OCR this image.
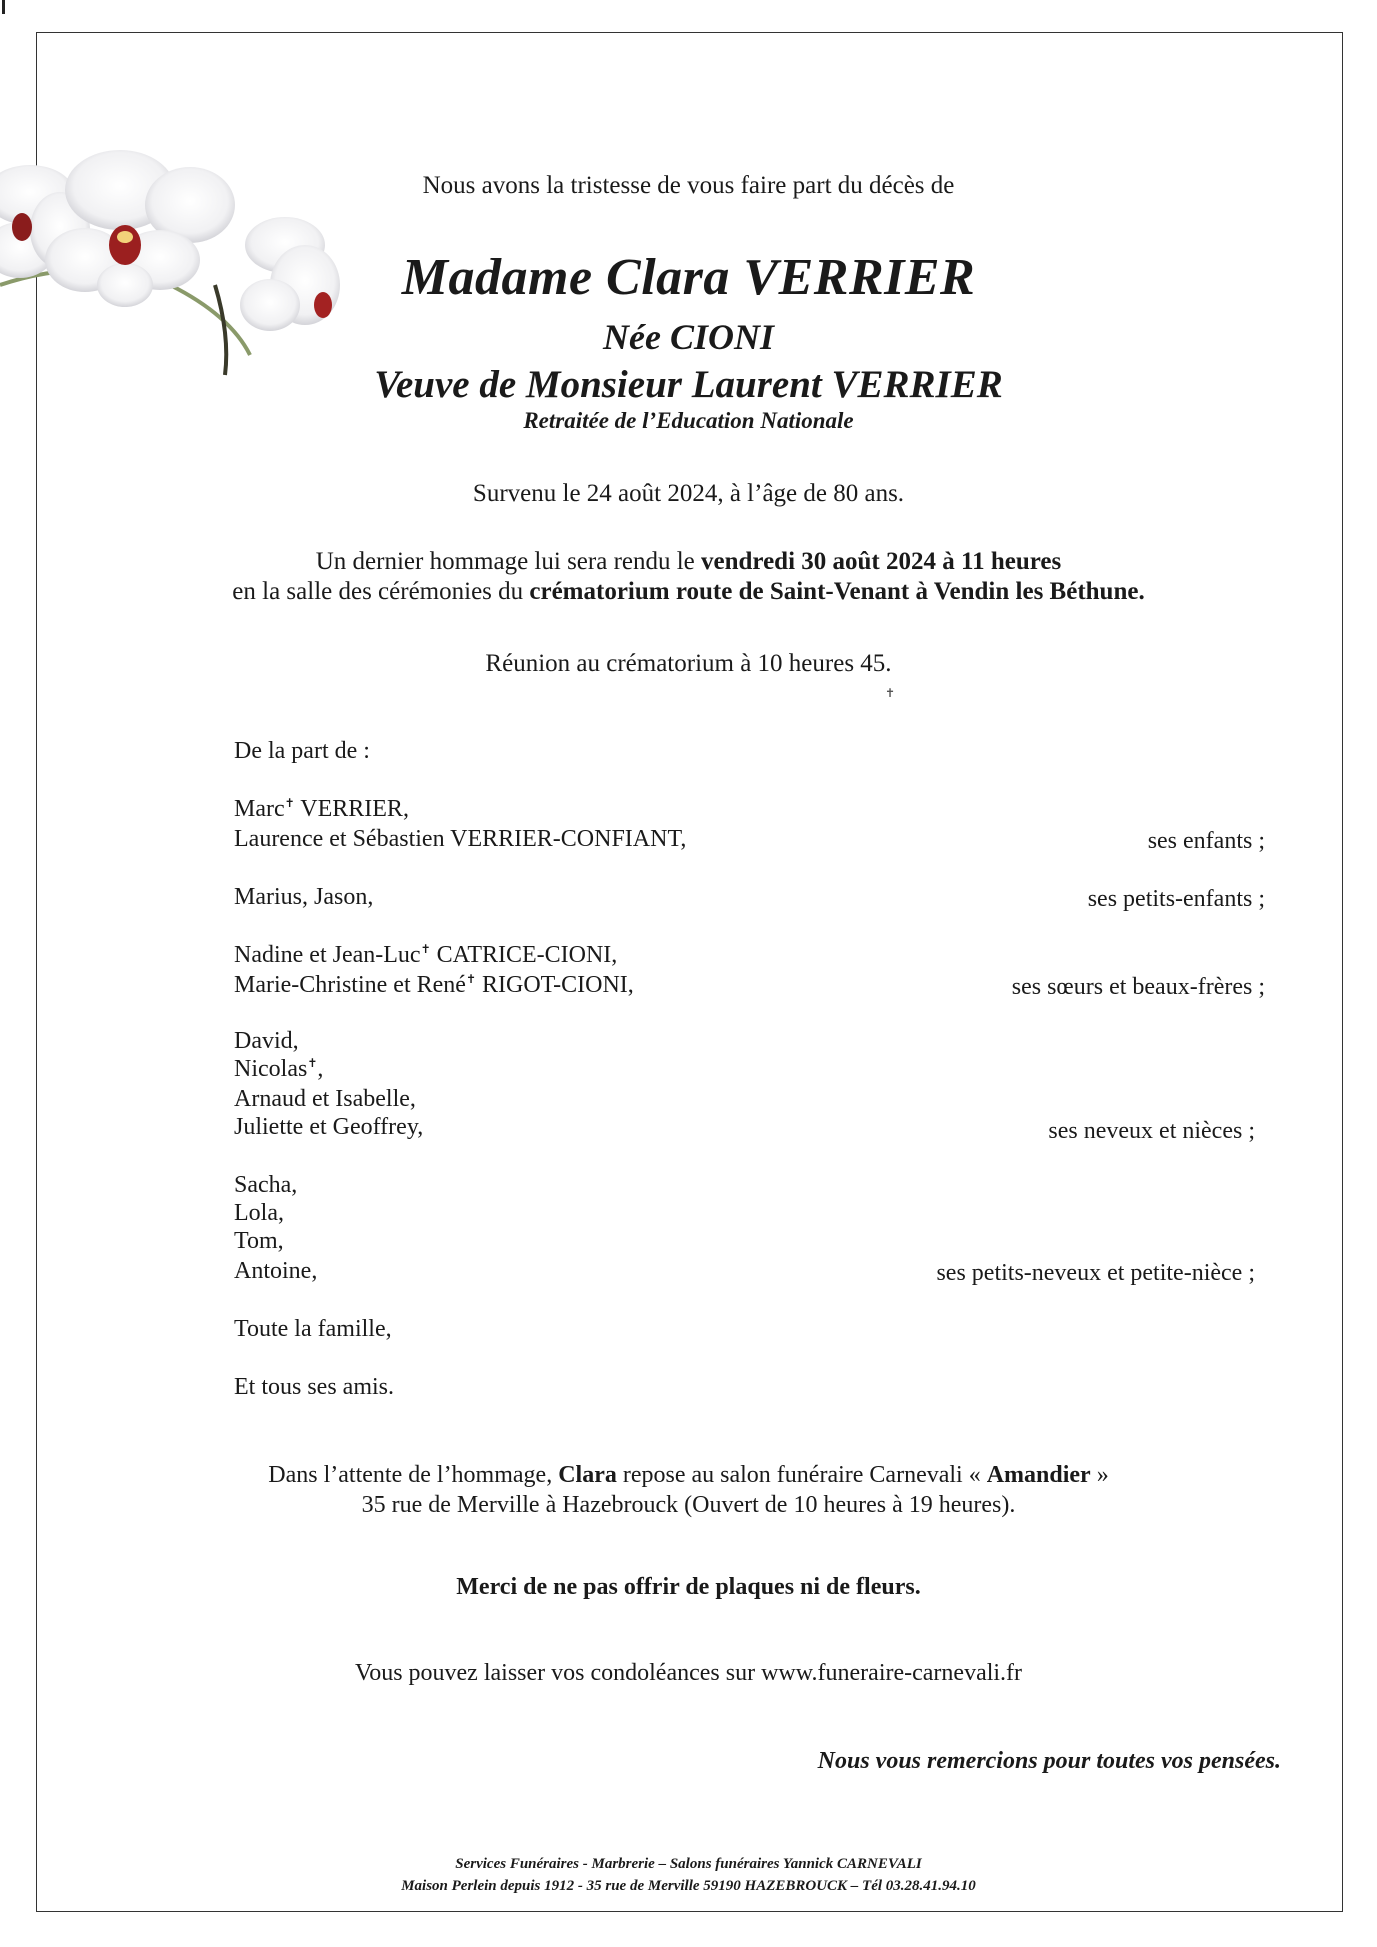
Nous avons la tristesse de vous faire part du décès de
Madame Clara VERRIER
Née CIONI
Veuve de Monsieur Laurent VERRIER
Retraitée de l’Education Nationale
Survenu le 24 août 2024, à l’âge de 80 ans.
Un dernier hommage lui sera rendu le vendredi 30 août 2024 à 11 heures
en la salle des cérémonies du crématorium route de Saint-Venant à Vendin les Béthune.
Réunion au crématorium à 10 heures 45.
✝
De la part de :
Marc✝ VERRIER,
Laurence et Sébastien VERRIER-CONFIANT,	ses enfants ;
Marius, Jason,	ses petits-enfants ;
Nadine et Jean-Luc✝ CATRICE-CIONI,
Marie-Christine et René✝ RIGOT-CIONI,	ses sœurs et beaux-frères ;
David,
Nicolas✝,
Arnaud et Isabelle,
Juliette et Geoffrey,	ses neveux et nièces ;
Sacha,
Lola,
Tom,
Antoine,	ses petits-neveux et petite-nièce ;
Toute la famille,
Et tous ses amis.
Dans l’attente de l’hommage, Clara repose au salon funéraire Carnevali « Amandier »
35 rue de Merville à Hazebrouck (Ouvert de 10 heures à 19 heures).
Merci de ne pas offrir de plaques ni de fleurs.
Vous pouvez laisser vos condoléances sur www.funeraire-carnevali.fr
Nous vous remercions pour toutes vos pensées.
Services Funéraires - Marbrerie – Salons funéraires Yannick CARNEVALI
Maison Perlein depuis 1912 - 35 rue de Merville 59190 HAZEBROUCK – Tél 03.28.41.94.10
